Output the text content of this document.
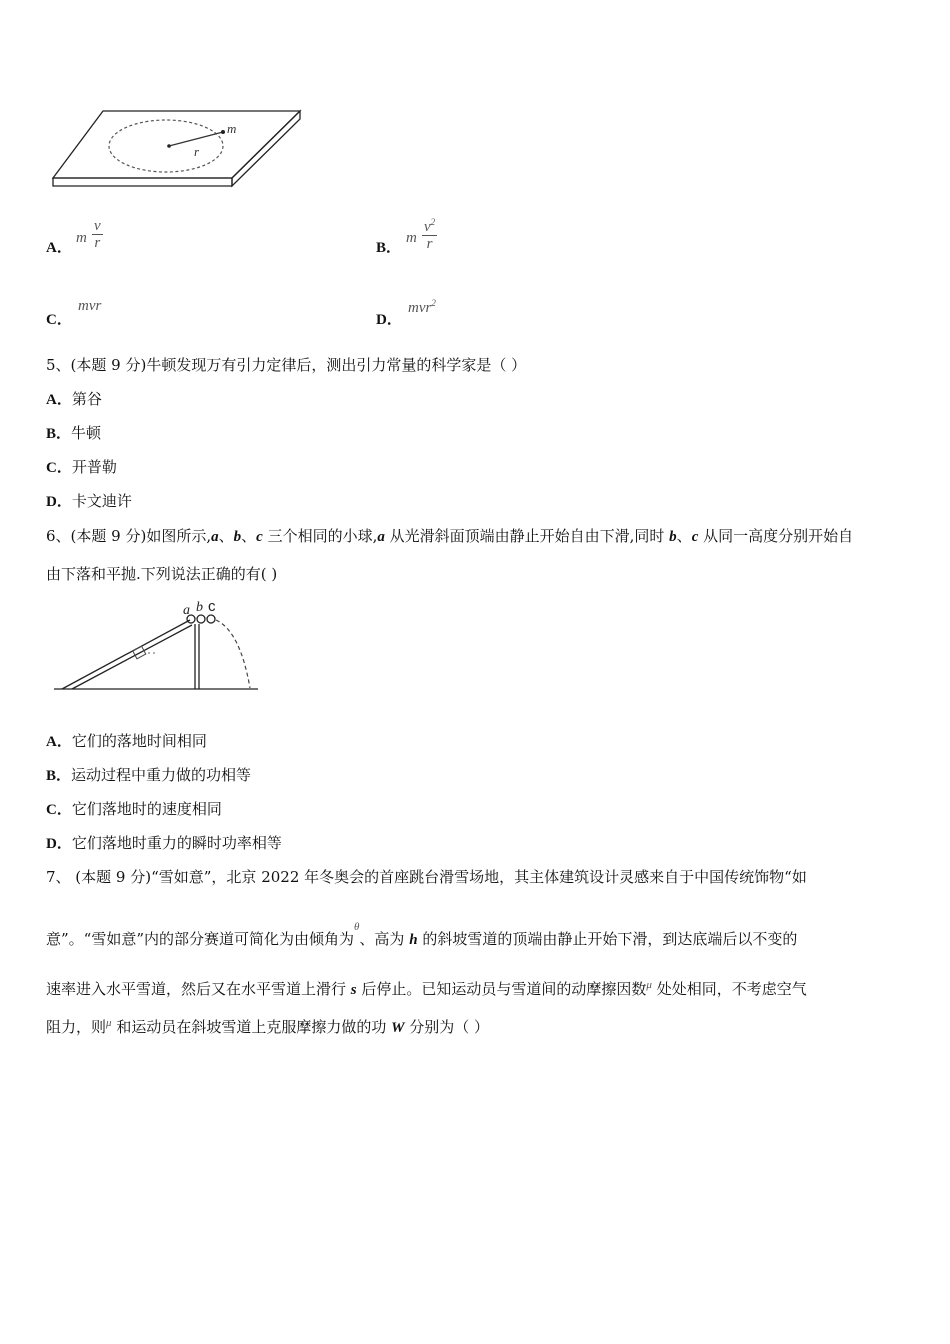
m
r
A．
m $\frac{v}{r}$	B．
m $\frac{v^2}{r}$
C．
mvr
D．
mvr$^2$
5、(本题 9 分)牛顿发现万有引力定律后，测出引力常量的科学家是（ ）
A．第谷
B．牛顿
C．开普勒
D．卡文迪许
6、(本题 9 分)如图所示,a、b、c 三个相同的小球,a 从光滑斜面顶端由静止开始自由下滑,同时 b、c 从同一高度分别开始自
由下落和平抛.下列说法正确的有( )
a b c
A．它们的落地时间相同
B．运动过程中重力做的功相等
C．它们落地时的速度相同
D．它们落地时重力的瞬时功率相等
7、 (本题 9 分)“雪如意”，北京 2022 年冬奥会的首座跳台滑雪场地，其主体建筑设计灵感来自于中国传统饰物“如
意”。“雪如意”内的部分赛道可简化为由倾角为$^\theta$、高为 h 的斜坡雪道的顶端由静止开始下滑，到达底端后以不变的
速率进入水平雪道，然后又在水平雪道上滑行 s 后停止。已知运动员与雪道间的动摩擦因数$^\mu$ 处处相同，不考虑空气
阻力，则$^\mu$ 和运动员在斜坡雪道上克服摩擦力做的功 W 分别为（ ）
